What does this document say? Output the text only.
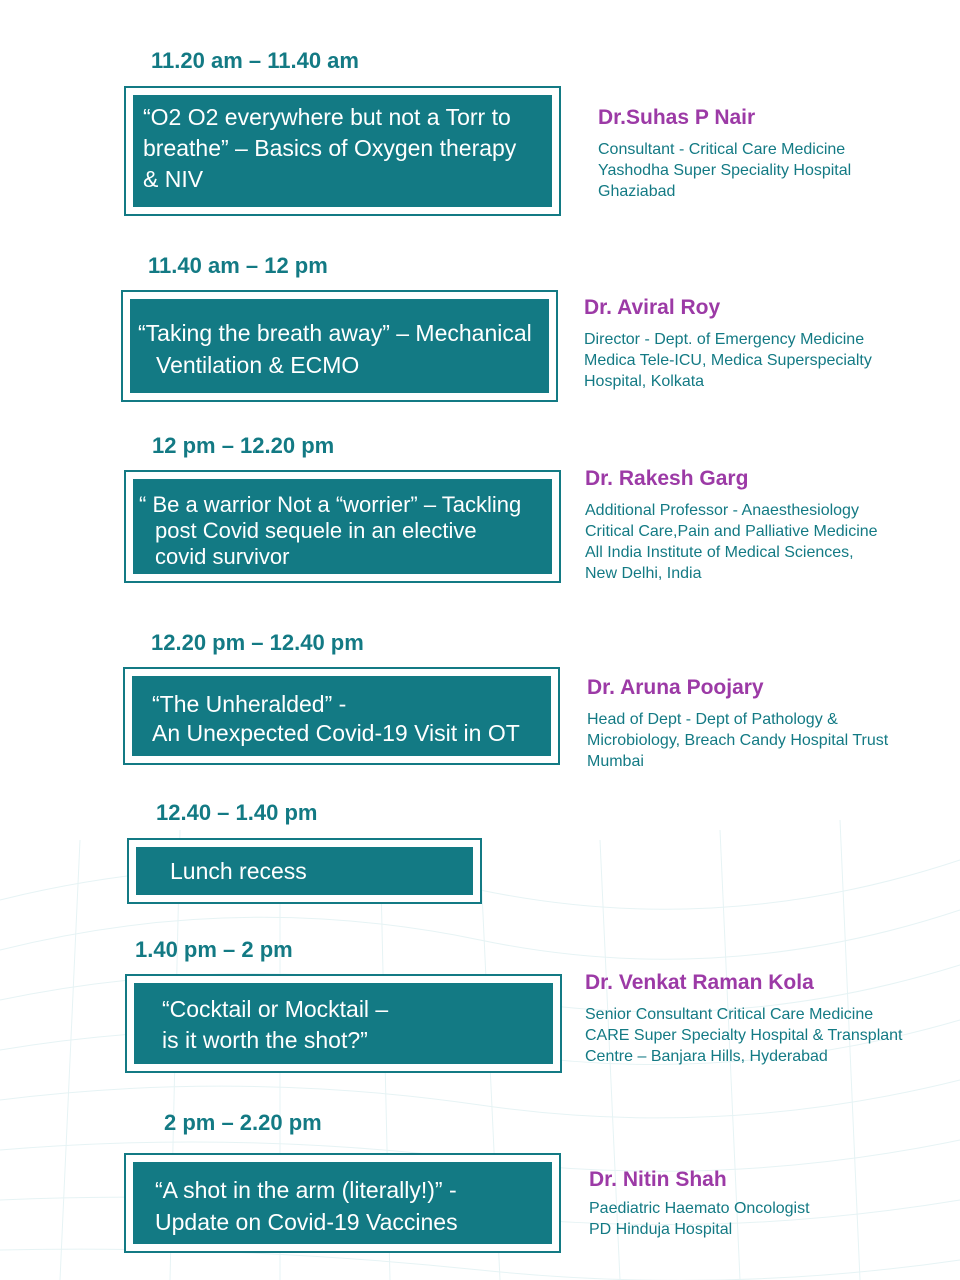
11.20 am – 11.40 am
“O2 O2 everywhere but not a Torr to
breathe” – Basics of Oxygen therapy
& NIV
Dr.Suhas P Nair
Consultant - Critical Care Medicine
Yashodha Super Speciality Hospital
Ghaziabad
11.40 am – 12 pm
“Taking the breath away” – Mechanical
Ventilation & ECMO
Dr. Aviral Roy
Director - Dept. of Emergency Medicine
Medica Tele-ICU, Medica Superspecialty
Hospital, Kolkata
12 pm – 12.20 pm
“ Be a warrior Not a “worrier” – Tackling
post Covid sequele in an elective
covid survivor
Dr. Rakesh Garg
Additional Professor - Anaesthesiology
Critical Care,Pain and Palliative Medicine
All India Institute of Medical Sciences,
New Delhi, India
12.20 pm – 12.40 pm
“The Unheralded” -
An Unexpected Covid-19 Visit in OT
Dr. Aruna Poojary
Head of Dept - Dept of Pathology &
Microbiology, Breach Candy Hospital Trust
Mumbai
12.40 – 1.40 pm
Lunch recess
1.40 pm – 2 pm
“Cocktail or Mocktail –
is it worth the shot?”
Dr. Venkat Raman Kola
Senior Consultant Critical Care Medicine
CARE Super Specialty Hospital & Transplant
Centre – Banjara Hills, Hyderabad
2 pm – 2.20 pm
“A shot in the arm (literally!)” -
Update on Covid-19 Vaccines
Dr. Nitin Shah
Paediatric Haemato Oncologist
PD Hinduja Hospital
